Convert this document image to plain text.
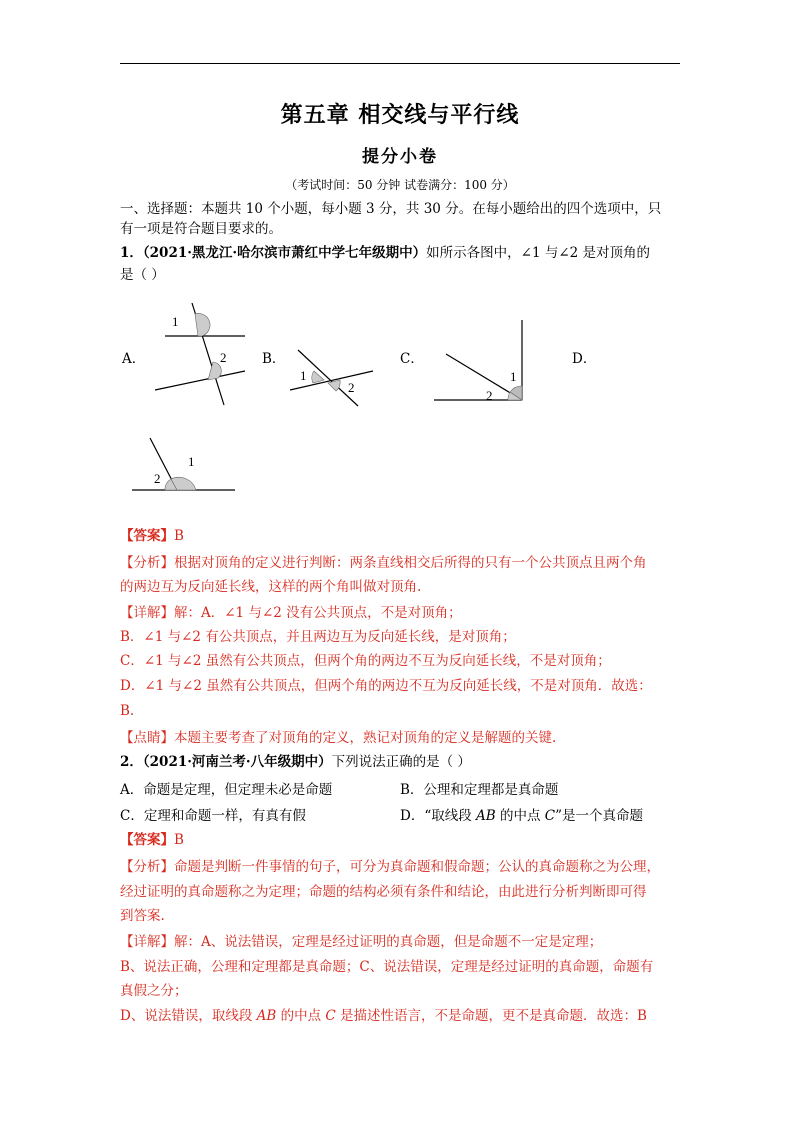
第五章 相交线与平行线
提分小卷
（考试时间：50 分钟 试卷满分：100 分）
一、选择题：本题共 10 个小题，每小题 3 分，共 30 分。在每小题给出的四个选项中，只
有一项是符合题目要求的。
1．（2021·黑龙江·哈尔滨市萧红中学七年级期中）如所示各图中，∠1 与∠2 是对顶角的
是（ ）
A．	B．	C．	D．
1
2
1
2
1
2
1
2
【答案】B
【分析】根据对顶角的定义进行判断：两条直线相交后所得的只有一个公共顶点且两个角
的两边互为反向延长线，这样的两个角叫做对顶角.
【详解】解：A．∠1 与∠2 没有公共顶点，不是对顶角；
B．∠1 与∠2 有公共顶点，并且两边互为反向延长线，是对顶角；
C．∠1 与∠2 虽然有公共顶点，但两个角的两边不互为反向延长线，不是对顶角；
D．∠1 与∠2 虽然有公共顶点，但两个角的两边不互为反向延长线，不是对顶角．故选：
B.
【点睛】本题主要考查了对顶角的定义，熟记对顶角的定义是解题的关键.
2．（2021·河南兰考·八年级期中）下列说法正确的是（ ）
A．命题是定理，但定理未必是命题	B．公理和定理都是真命题
C．定理和命题一样，有真有假	D．“取线段 AB 的中点 C”是一个真命题
【答案】B
【分析】命题是判断一件事情的句子，可分为真命题和假命题；公认的真命题称之为公理，
经过证明的真命题称之为定理；命题的结构必须有条件和结论，由此进行分析判断即可得
到答案.
【详解】解：A、说法错误，定理是经过证明的真命题，但是命题不一定是定理；
B、说法正确，公理和定理都是真命题；C、说法错误，定理是经过证明的真命题，命题有
真假之分；
D、说法错误，取线段 AB 的中点 C 是描述性语言，不是命题，更不是真命题．故选：B
